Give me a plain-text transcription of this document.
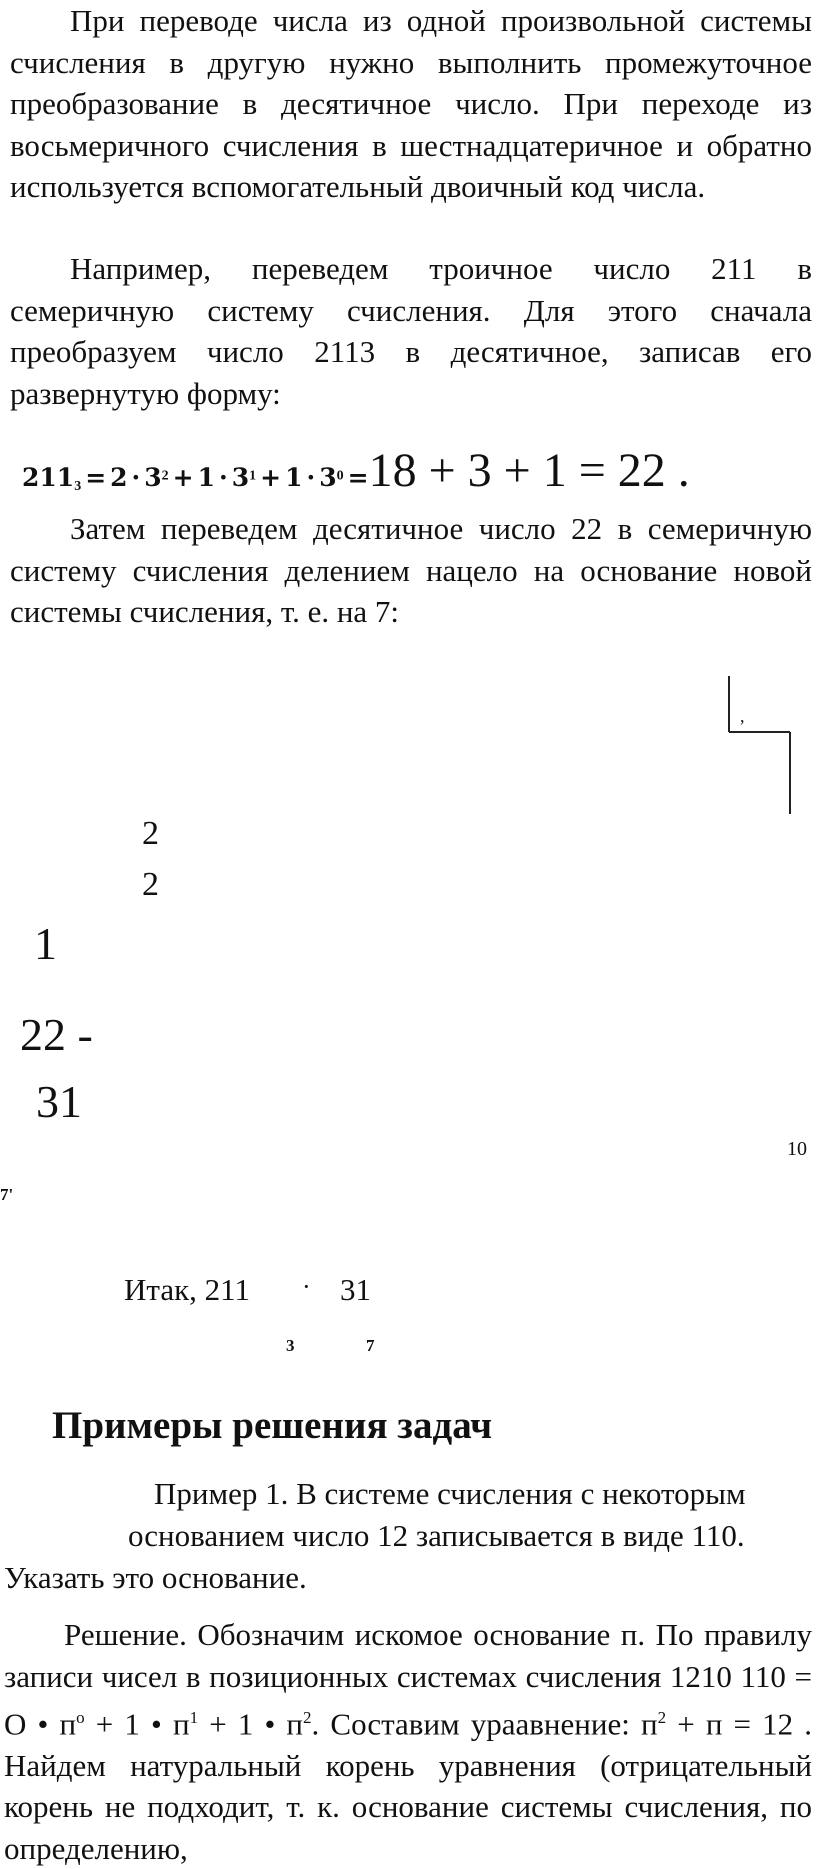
При переводе числа из одной произвольной системы счисления в другую нужно выполнить промежуточное преобразование в десятичное число. При переходе из восьмеричного счисления в шестнадцатеричное и обратно используется вспомогательный двоичный код числа.

Например, переведем троичное число 211 в семеричную систему счисления. Для этого сначала преобразуем число 2113 в десятичное, записав его развернутую форму:

$211_3 = 2 \cdot 3^2 + 1 \cdot 3^1 + 1 \cdot 3^0 =18 + 3 + 1 = 22$ .

Затем переведем десятичное число 22 в семеричную систему счисления делением нацело на основание новой системы счисления, т. е. на 7:

,
2
2
1
22 -
31
10
7'
Итак, 211 · 31
3	7
Примеры решения задач
Пример 1. В системе счисления с некоторым
основанием число 12 записывается в виде 110.
Указать это основание.

Решение. Обозначим искомое основание п. По правилу записи чисел в позиционных системах счисления 1210 110 = О • $п^о + 1$ • $п^1 + 1$ • $п^2$. Составим ураавнение: $п^2 + п = 12$ . Найдем натуральный корень уравнения (отрицательный корень не подходит, т. к. основание системы счисления, по определению,
